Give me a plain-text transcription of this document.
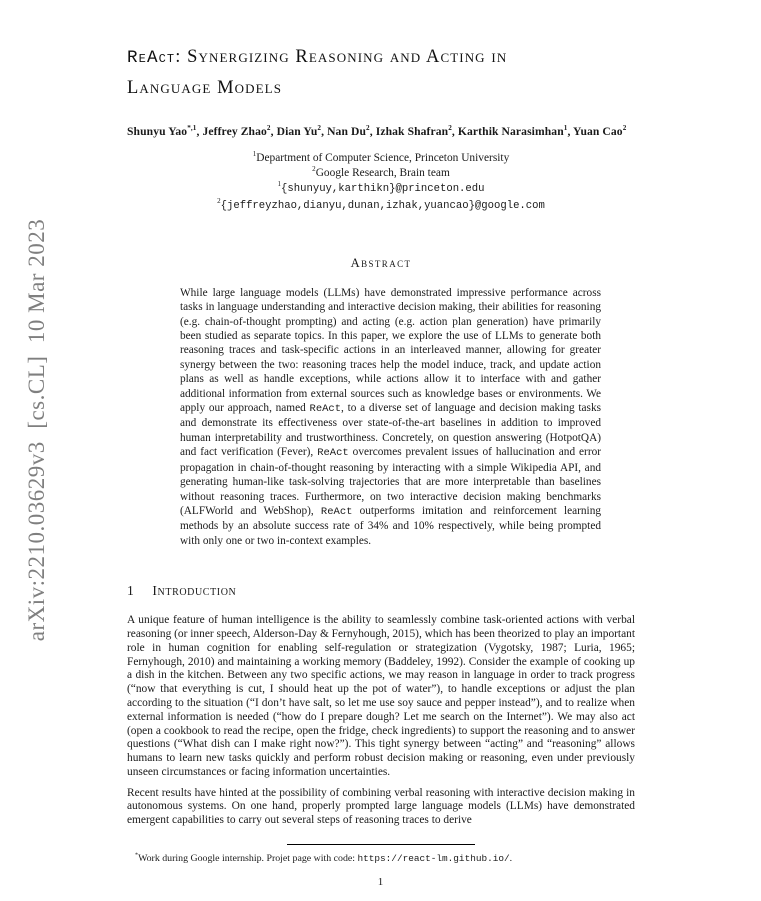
arXiv:2210.03629v3  [cs.CL]  10 Mar 2023
ReAct: Synergizing Reasoning and Acting in
Language Models
Shunyu Yao$^{*,1}$, Jeffrey Zhao$^2$, Dian Yu$^2$, Nan Du$^2$, Izhak Shafran$^2$, Karthik Narasimhan$^1$, Yuan Cao$^2$
$^1$Department of Computer Science, Princeton University
$^2$Google Research, Brain team
$^1${shunyuy,karthikn}@princeton.edu
$^2${jeffreyzhao,dianyu,dunan,izhak,yuancao}@google.com
Abstract
While large language models (LLMs) have demonstrated impressive performance across tasks in language understanding and interactive decision making, their abilities for reasoning (e.g. chain-of-thought prompting) and acting (e.g. action plan generation) have primarily been studied as separate topics. In this paper, we explore the use of LLMs to generate both reasoning traces and task-specific actions in an interleaved manner, allowing for greater synergy between the two: reasoning traces help the model induce, track, and update action plans as well as handle exceptions, while actions allow it to interface with and gather additional information from external sources such as knowledge bases or environments. We apply our approach, named ReAct, to a diverse set of language and decision making tasks and demonstrate its effectiveness over state-of-the-art baselines in addition to improved human interpretability and trustworthiness. Concretely, on question answering (HotpotQA) and fact verification (Fever), ReAct overcomes prevalent issues of hallucination and error propagation in chain-of-thought reasoning by interacting with a simple Wikipedia API, and generating human-like task-solving trajectories that are more interpretable than baselines without reasoning traces. Furthermore, on two interactive decision making benchmarks (ALFWorld and WebShop), ReAct outperforms imitation and reinforcement learning methods by an absolute success rate of 34% and 10% respectively, while being prompted with only one or two in-context examples.
1 Introduction
A unique feature of human intelligence is the ability to seamlessly combine task-oriented actions with verbal reasoning (or inner speech, Alderson-Day & Fernyhough, 2015), which has been theorized to play an important role in human cognition for enabling self-regulation or strategization (Vygotsky, 1987; Luria, 1965; Fernyhough, 2010) and maintaining a working memory (Baddeley, 1992). Consider the example of cooking up a dish in the kitchen. Between any two specific actions, we may reason in language in order to track progress (“now that everything is cut, I should heat up the pot of water”), to handle exceptions or adjust the plan according to the situation (“I don’t have salt, so let me use soy sauce and pepper instead”), and to realize when external information is needed (“how do I prepare dough? Let me search on the Internet”). We may also act (open a cookbook to read the recipe, open the fridge, check ingredients) to support the reasoning and to answer questions (“What dish can I make right now?”). This tight synergy between “acting” and “reasoning” allows humans to learn new tasks quickly and perform robust decision making or reasoning, even under previously unseen circumstances or facing information uncertainties.
Recent results have hinted at the possibility of combining verbal reasoning with interactive decision making in autonomous systems. On one hand, properly prompted large language models (LLMs) have demonstrated emergent capabilities to carry out several steps of reasoning traces to derive
*Work during Google internship. Projet page with code: https://react-lm.github.io/.
1
